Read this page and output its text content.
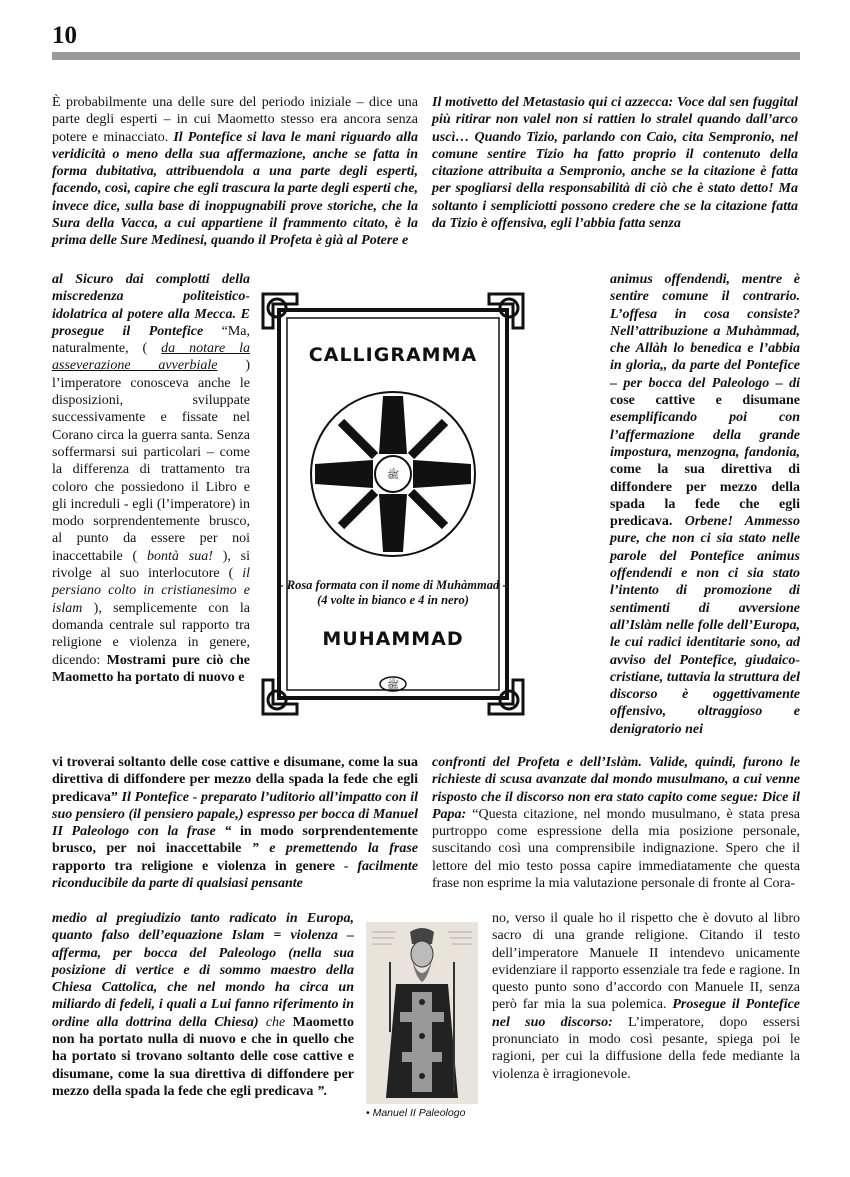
10
È probabilmente una delle sure del periodo iniziale – dice una parte degli esperti – in cui Maometto stesso era ancora senza potere e minacciato. Il Pontefice si lava le mani riguardo alla veridicità o meno della sua affermazione, anche se fatta in forma dubitativa, attribuendola a una parte degli esperti, facendo, così, capire che egli trascura la parte degli esperti che, invece dice, sulla base di inoppugnabili prove storiche, che la Sura della Vacca, a cui appartiene il frammento citato, è la prima delle Sure Medinesi, quando il Profeta è già al Potere e
al Sicuro dai complotti della miscredenza politeistico- idolatrica al potere alla Mecca. E prosegue il Pontefice “Ma, naturalmente, ( da notare la asseverazione avverbiale ) l’imperatore conosceva anche le disposizioni, sviluppate successivamente e fissate nel Corano circa la guerra santa. Senza soffermarsi sui particolari – come la differenza di trattamento tra coloro che possiedono il Libro e gli increduli - egli (l’imperatore) in modo sorprendentemente brusco, al punto da essere per noi inaccettabile ( bontà sua! ), si rivolge al suo interlocutore ( il persiano colto in cristianesimo e islam ), semplicemente con la domanda centrale sul rapporto tra religione e violenza in genere, dicendo: Mostrami pure ciò che Maometto ha portato di nuovo e
vi troverai soltanto delle cose cattive e disumane, come la sua direttiva di diffondere per mezzo della spada la fede che egli predicava” Il Pontefice - preparato l’uditorio all’impatto con il suo pensiero (il pensiero papale,) espresso per bocca di Manuel II Paleologo con la frase “ in modo sorprendentemente brusco, per noi inaccettabile ” e premettendo la frase rapporto tra religione e violenza in genere - facilmente riconducibile da parte di qualsiasi pensante
medio al pregiudizio tanto radicato in Europa, quanto falso dell’equazione Islam = violenza – afferma, per bocca del Paleologo (nella sua posizione di vertice e di sommo maestro della Chiesa Cattolica, che nel mondo ha circa un miliardo di fedeli, i quali a Lui fanno riferimento in ordine alla dottrina della Chiesa) che Maometto non ha portato nulla di nuovo e che in quello che ha portato si trovano soltanto delle cose cattive e disumane, come la sua direttiva di diffondere per mezzo della spada la fede che egli predicava ”.
Il motivetto del Metastasio qui ci azzecca: Voce dal sen fuggital più ritirar non valel non si rattien lo stralel quando dall’arco uscì… Quando Tizio, parlando con Caio, cita Sempronio, nel comune sentire Tizio ha fatto proprio il contenuto della citazione attribuita a Sempronio, anche se la citazione è fatta per spogliarsi della responsabilità di ciò che è stato detto! Ma soltanto i sempliciotti possono credere che se la citazione fatta da Tizio è offensiva, egli l’abbia fatta senza
animus offendendi, mentre è sentire comune il contrario. L’offesa in cosa consiste? Nell’attribuzione a Muhàmmad, che Allàh lo benedica e l’abbia in gloria,, da parte del Pontefice – per bocca del Paleologo – di cose cattive e disumane esemplificando poi con l’affermazione della grande impostura, menzogna, fandonia, come la sua direttiva di diffondere per mezzo della spada la fede che egli predicava. Orbene! Ammesso pure, che non ci sia stato nelle parole del Pontefice animus offendendi e non ci sia stato l’intento di promozione di sentimenti di avversione all’Islàm nelle folle dell’Europa, le cui radici identitarie sono, ad avviso del Pontefice, giudaico-cristiane, tuttavia la struttura del discorso è oggettivamente offensivo, oltraggioso e denigratorio nei
confronti del Profeta e dell’Islàm. Valide, quindi, furono le richieste di scusa avanzate dal mondo musulmano, a cui venne risposto che il discorso non era stato capito come segue: Dice il Papa: “Questa citazione, nel mondo musulmano, è stata presa purtroppo come espressione della mia posizione personale, suscitando così una comprensibile indignazione. Spero che il lettore del mio testo possa capire immediatamente che questa frase non esprime la mia valutazione personale di fronte al Cora-
no, verso il quale ho il rispetto che è dovuto al libro sacro di una grande religione. Citando il testo dell’imperatore Manuele II intendevo unicamente evidenziare il rapporto essenziale tra fede e ragione. In questo punto sono d’accordo con Manuele II, senza però far mia la sua polemica. Prosegue il Pontefice nel suo discorso: L’imperatore, dopo essersi pronunciato in modo così pesante, spiega poi le ragioni, per cui la diffusione della fede mediante la violenza è irragionevole.
ﷺ
ﷺ
CALLIGRAMMA
- Rosa formata con il nome di Muhàmmad -
(4 volte in bianco e 4 in nero)
MUHAMMAD
• Manuel II Paleologo
